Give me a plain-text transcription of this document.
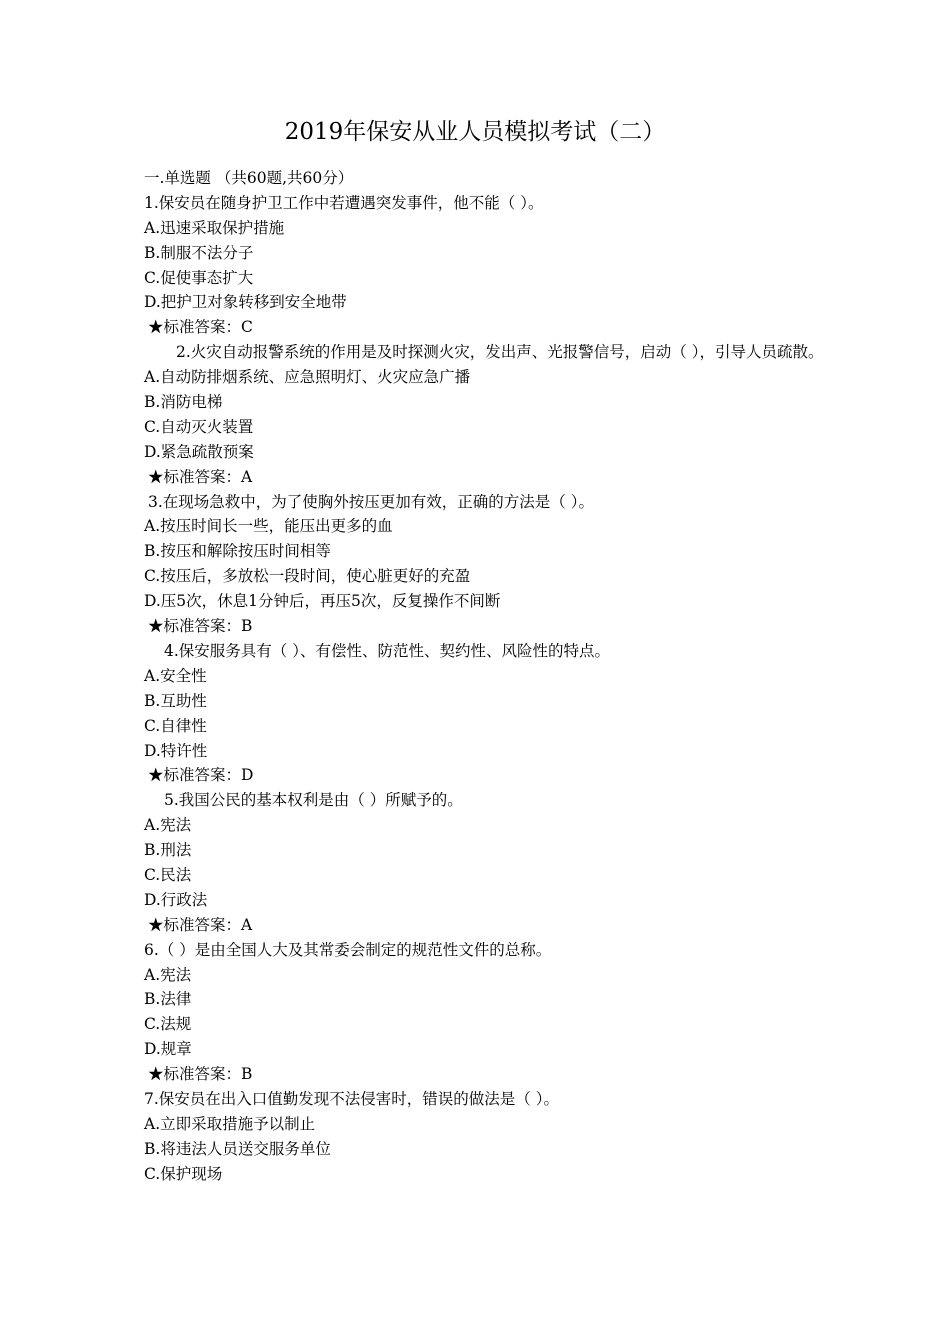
2019年保安从业人员模拟考试（二）
一.单选题 （共60题,共60分）
1.保安员在随身护卫工作中若遭遇突发事件，他不能（ ）。
A.迅速采取保护措施
B.制服不法分子
C.促使事态扩大
D.把护卫对象转移到安全地带
★标准答案：C
2.火灾自动报警系统的作用是及时探测火灾，发出声、光报警信号，启动（ ），引导人员疏散。
A.自动防排烟系统、应急照明灯、火灾应急广播
B.消防电梯
C.自动灭火装置
D.紧急疏散预案
★标准答案：A
3.在现场急救中，为了使胸外按压更加有效，正确的方法是（ ）。
A.按压时间长一些，能压出更多的血
B.按压和解除按压时间相等
C.按压后，多放松一段时间，使心脏更好的充盈
D.压5次，休息1分钟后，再压5次，反复操作不间断
★标准答案：B
4.保安服务具有（ ）、有偿性、防范性、契约性、风险性的特点。
A.安全性
B.互助性
C.自律性
D.特许性
★标准答案：D
5.我国公民的基本权利是由（ ）所赋予的。
A.宪法
B.刑法
C.民法
D.行政法
★标准答案：A
6.（ ）是由全国人大及其常委会制定的规范性文件的总称。
A.宪法
B.法律
C.法规
D.规章
★标准答案：B
7.保安员在出入口值勤发现不法侵害时，错误的做法是（ ）。
A.立即采取措施予以制止
B.将违法人员送交服务单位
C.保护现场
